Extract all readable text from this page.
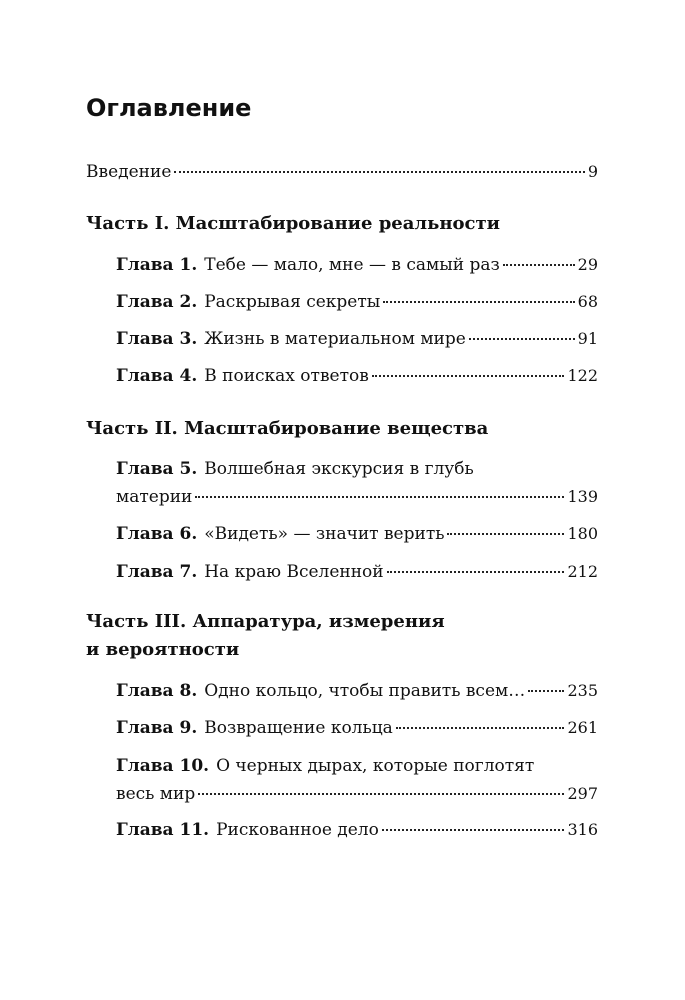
Оглавление
Введение	9
Часть I. Масштабирование реальности
Глава 1. Тебе — мало, мне — в самый раз	29
Глава 2. Раскрывая секреты	68
Глава 3. Жизнь в материальном мире	91
Глава 4. В поисках ответов	122
Часть II. Масштабирование вещества
Глава 5. Волшебная экскурсия в глубь
материи	139
Глава 6. «Видеть» — значит верить	180
Глава 7. На краю Вселенной	212
Часть III. Аппаратура, измерения
и вероятности
Глава 8. Одно кольцо, чтобы править всем…	235
Глава 9. Возвращение кольца	261
Глава 10. О черных дырах, которые поглотят
весь мир	297
Глава 11. Рискованное дело	316
